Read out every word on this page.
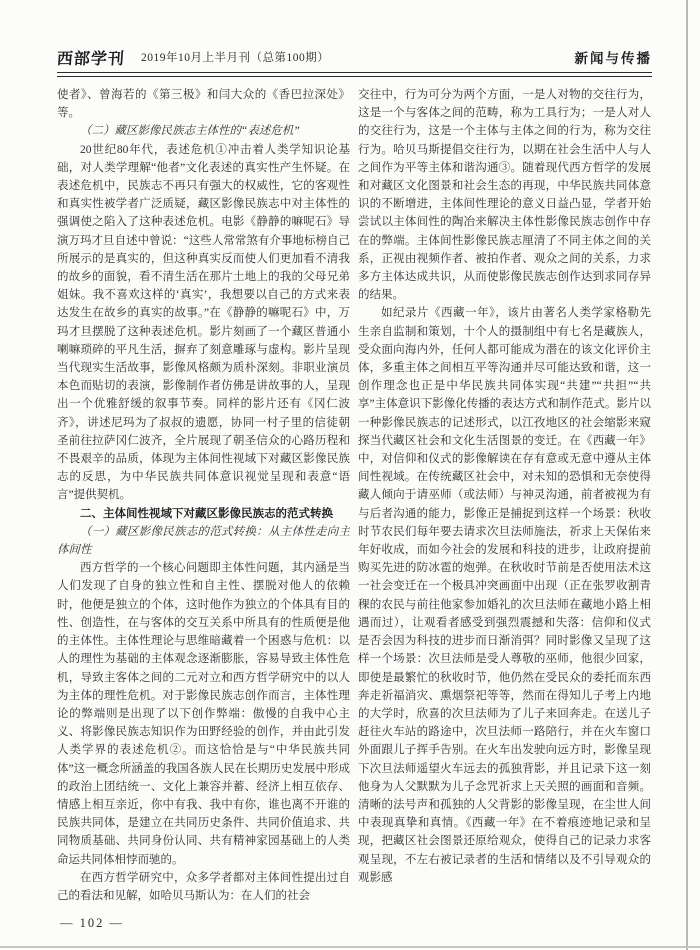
西部学刊 2019年10月上半月刊（总第100期）	新闻与传播

使者》、曾海若的《第三极》和闫大众的《香巴拉深处》等。

（二）藏区影像民族志主体性的“表述危机”

20世纪80年代，表述危机①冲击着人类学知识论基础，对人类学理解“他者”文化表述的真实性产生怀疑。在表述危机中，民族志不再只有强大的权威性，它的客观性和真实性被学者广泛质疑，藏区影像民族志中对主体性的强调使之陷入了这种表述危机。电影《静静的嘛呢石》导演万玛才旦自述中曾说：“这些人常常煞有介事地标榜自己所展示的是真实的，但这种真实反而使人们更加看不清我的故乡的面貌，看不清生活在那片土地上的我的父母兄弟姐妹。我不喜欢这样的‘真实’，我想要以自己的方式来表达发生在故乡的真实的故事。”在《静静的嘛呢石》中，万玛才旦摆脱了这种表述危机。影片刻画了一个藏区普通小喇嘛琐碎的平凡生活，摒弃了刻意雕琢与虚构。影片呈现当代现实生活故事，影像风格颇为质朴深刻。非职业演员本色而贴切的表演，影像制作者仿佛是讲故事的人，呈现出一个优雅舒缓的叙事节奏。同样的影片还有《冈仁波齐》，讲述尼玛为了叔叔的遗愿，协同一村子里的信徒朝圣前往拉萨冈仁波齐，全片展现了朝圣信众的心路历程和不畏艰辛的品质，体现为主体间性视域下对藏区影像民族志的反思，为中华民族共同体意识视觉呈现和表意“语言”提供契机。

二、主体间性视域下对藏区影像民族志的范式转换

（一）藏区影像民族志的范式转换：从主体性走向主体间性

西方哲学的一个核心问题即主体性问题，其内涵是当人们发现了自身的独立性和自主性、摆脱对他人的依赖时，他便是独立的个体，这时他作为独立的个体具有目的性、创造性，在与客体的交互关系中所具有的性质便是他的主体性。主体性理论与思维暗藏着一个困惑与危机：以人的理性为基础的主体观念逐渐膨胀，容易导致主体性危机，导致主客体之间的二元对立和西方哲学研究中的以人为主体的理性危机。对于影像民族志创作而言，主体性理论的弊端则是出现了以下创作弊端：傲慢的自我中心主义、将影像民族志知识作为田野经验的创作，并由此引发人类学界的表述危机②。而这恰恰是与“中华民族共同体”这一概念所涵盖的我国各族人民在长期历史发展中形成的政治上团结统一、文化上兼容并蓄、经济上相互依存、情感上相互亲近，你中有我、我中有你，谁也离不开谁的民族共同体，是建立在共同历史条件、共同价值追求、共同物质基础、共同身份认同、共有精神家园基础上的人类命运共同体相悖而驰的。

在西方哲学研究中，众多学者都对主体间性提出过自己的看法和见解，如哈贝马斯认为：在人们的社会

交往中，行为可分为两个方面，一是人对物的交往行为，这是一个与客体之间的范畴，称为工具行为；一是人对人的交往行为，这是一个主体与主体之间的行为，称为交往行为。哈贝马斯提倡交往行为，以期在社会生活中人与人之间作为平等主体和谐沟通③。随着现代西方哲学的发展和对藏区文化图景和社会生态的再现，中华民族共同体意识的不断增进，主体间性理论的意义日益凸显，学者开始尝试以主体间性的陶冶来解决主体性影像民族志创作中存在的弊端。主体间性影像民族志厘清了不同主体之间的关系，正视由视频作者、被拍作者、观众之间的关系，力求多方主体达成共识，从而使影像民族志创作达到求同存异的结果。

如纪录片《西藏一年》，该片由著名人类学家格勒先生亲自监制和策划，十个人的摄制组中有七名是藏族人，受众面向海内外，任何人都可能成为潜在的该文化评价主体，多重主体之间相互平等沟通并尽可能达致和谐，这一创作理念也正是中华民族共同体实现“共建”“共担”“共享”主体意识下影像化传播的表达方式和制作范式。影片以一种影像民族志的记述形式，以江孜地区的社会缩影来窥探当代藏区社会和文化生活图景的变迁。在《西藏一年》中，对信仰和仪式的影像解读在存有意或无意中遵从主体间性视域。在传统藏区社会中，对未知的恐惧和无奈使得藏人倾向于请巫师（或法师）与神灵沟通，前者被视为有与后者沟通的能力，影像正是捕捉到这样一个场景：秋收时节农民们每年要去请求次旦法师施法，祈求上天保佑来年好收成，而如今社会的发展和科技的进步，让政府提前购买先进的防冰雹的炮弹。在秋收时节前是否使用法术这一社会变迁在一个极具冲突画面中出现（正在张罗收割青稞的农民与前往他家参加婚礼的次旦法师在藏地小路上相遇而过），让观看者感受到强烈震撼和失落：信仰和仪式是否会因为科技的进步而日渐消弭？同时影像又呈现了这样一个场景：次旦法师是受人尊敬的巫师，他很少回家，即使是最繁忙的秋收时节，他仍然在受民众的委托而东西奔走祈福消灾、熏烟祭祀等等，然而在得知儿子考上内地的大学时，欣喜的次旦法师为了儿子来回奔走。在送儿子赶往火车站的路途中，次旦法师一路陪行，并在火车窗口外面跟儿子挥手告别。在火车出发驶向远方时，影像呈现下次旦法师遥望火车远去的孤独背影，并且记录下这一刻他身为人父默默为儿子念咒祈求上天关照的画面和音频。清晰的法号声和孤独的人父背影的影像呈现，在尘世人间中表现真挚和真情。《西藏一年》在不着痕迹地记录和呈现，把藏区社会图景还原给观众，使得自己的记录力求客观呈现，不左右被记录者的生活和情绪以及不引导观众的观影感

— 102 —
